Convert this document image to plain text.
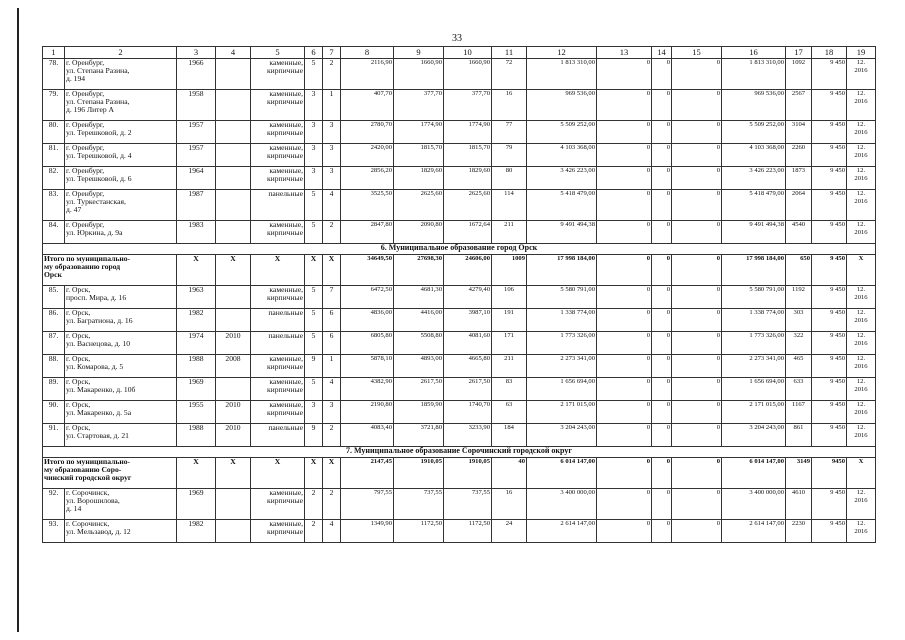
33
1	2	3	4	5	6	7	8	9	10	11	12	13	14	15	16	17	18	19
78.	г. Оренбург,
ул. Степана Разина,
д. 194	1966		каменные,
кирпичные	5	2	2116,90	1660,90	1660,90	72	1 813 310,00	0	0	0	1 813 310,00	1092	9 450	12.
2016
79.	г. Оренбург,
ул. Степана Разина,
д. 196 Литер А	1958		каменные,
кирпичные	3	1	407,70	377,70	377,70	16	969 536,00	0	0	0	969 536,00	2567	9 450	12.
2016
80.	г. Оренбург,
ул. Терешковой, д. 2	1957		каменные,
кирпичные	3	3	2780,70	1774,90	1774,90	77	5 509 252,00	0	0	0	5 509 252,00	3104	9 450	12.
2016
81.	г. Оренбург,
ул. Терешковой, д. 4	1957		каменные,
кирпичные	3	3	2420,00	1815,70	1815,70	79	4 103 368,00	0	0	0	4 103 368,00	2260	9 450	12.
2016
82.	г. Оренбург,
ул. Терешковой, д. 6	1964		каменные,
кирпичные	3	3	2856,20	1829,60	1829,60	80	3 426 223,00	0	0	0	3 426 223,00	1873	9 450	12.
2016
83.	г. Оренбург,
ул. Туркестанская,
д. 47	1987		панельные	5	4	3525,50	2625,60	2625,60	114	5 418 479,00	0	0	0	5 418 479,00	2064	9 450	12.
2016
84.	г. Оренбург,
ул. Юркина, д. 9а	1983		каменные,
кирпичные	5	2	2847,80	2090,80	1672,64	211	9 491 494,38	0	0	0	9 491 494,38	4540	9 450	12.
2016
6. Муниципальное образование город Орск																		
Итого по муниципально-
му образованию город
Орск		X	X	X	X	X	34649,50	27698,30	24606,00	1009	17 998 184,00	0	0	0	17 998 184,00	650	9 450	X
85.	г. Орск,
просп. Мира, д. 16	1963		каменные,
кирпичные	5	7	6472,50	4681,30	4279,40	106	5 580 791,00	0	0	0	5 580 791,00	1192	9 450	12.
2016
86.	г. Орск,
ул. Багратиона, д. 16	1982		панельные	5	6	4836,00	4416,00	3987,10	191	1 338 774,00	0	0	0	1 338 774,00	303	9 450	12.
2016
87.	г. Орск,
ул. Васнецова, д. 10	1974	2010	панельные	5	6	6805,80	5508,80	4081,60	171	1 773 326,00	0	0	0	1 773 326,00	322	9 450	12.
2016
88.	г. Орск,
ул. Комарова, д. 5	1988	2008	каменные,
кирпичные	9	1	5878,10	4893,00	4665,80	211	2 273 341,00	0	0	0	2 273 341,00	465	9 450	12.
2016
89.	г. Орск,
ул. Макаренко, д. 10б	1969		каменные,
кирпичные	5	4	4382,90	2617,50	2617,50	83	1 656 694,00	0	0	0	1 656 694,00	633	9 450	12.
2016
90.	г. Орск,
ул. Макаренко, д. 5а	1955	2010	каменные,
кирпичные	3	3	2190,80	1859,90	1740,70	63	2 171 015,00	0	0	0	2 171 015,00	1167	9 450	12.
2016
91.	г. Орск,
ул. Стартовая, д. 21	1988	2010	панельные	9	2	4083,40	3721,80	3233,90	184	3 204 243,00	0	0	0	3 204 243,00	861	9 450	12.
2016
7. Муниципальное образование Сорочинский городской округ																		
Итого по муниципально-
му образованию Соро-
чинский городской округ		X	X	X	X	X	2147,45	1910,05	1910,05	40	6 014 147,00	0	0	0	6 014 147,00	3149	9450	X
92.	г. Сорочинск,
ул. Ворошилова,
д. 14	1969		каменные,
кирпичные	2	2	797,55	737,55	737,55	16	3 400 000,00	0	0	0	3 400 000,00	4610	9 450	12.
2016
93.	г. Сорочинск,
ул. Мельзавод, д. 12	1982		каменные,
кирпичные	2	4	1349,90	1172,50	1172,50	24	2 614 147,00	0	0	0	2 614 147,00	2230	9 450	12.
2016
